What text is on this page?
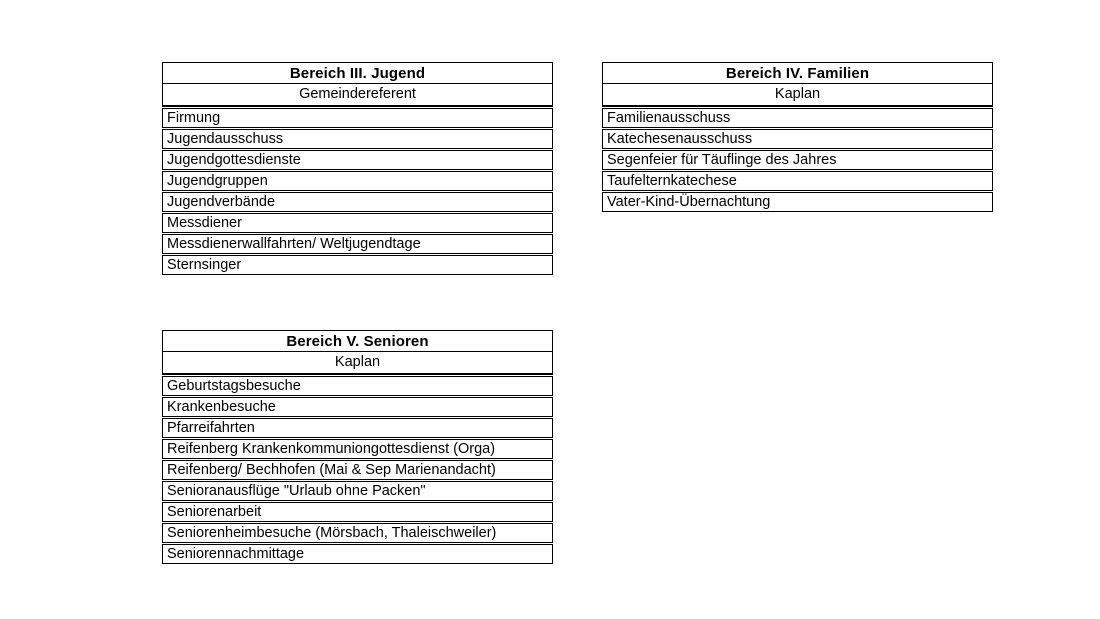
Bereich III. Jugend
Gemeindereferent
Firmung
Jugendausschuss
Jugendgottesdienste
Jugendgruppen
Jugendverbände
Messdiener
Messdienerwallfahrten/ Weltjugendtage
Sternsinger
Bereich IV. Familien
Kaplan
Familienausschuss
Katechesenausschuss
Segenfeier für Täuflinge des Jahres
Taufelternkatechese
Vater-Kind-Übernachtung
Bereich V. Senioren
Kaplan
Geburtstagsbesuche
Krankenbesuche
Pfarreifahrten
Reifenberg Krankenkommuniongottesdienst (Orga)
Reifenberg/ Bechhofen (Mai & Sep Marienandacht)
Senioranausflüge "Urlaub ohne Packen"
Seniorenarbeit
Seniorenheimbesuche (Mörsbach, Thaleischweiler)
Seniorennachmittage
